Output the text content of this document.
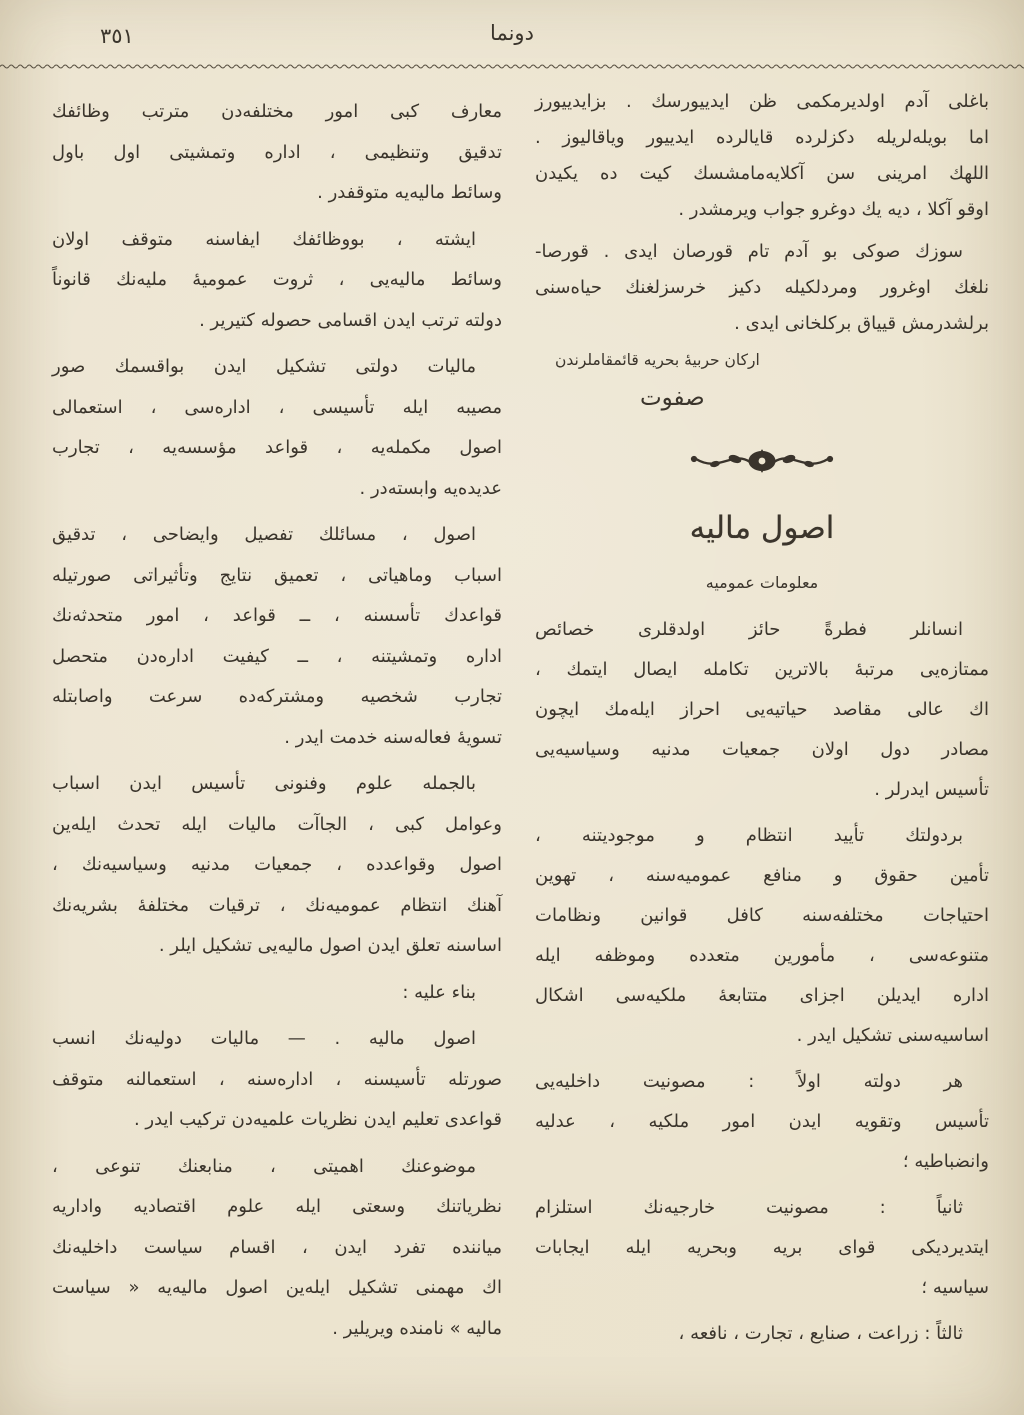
٣٥١	دونما
باغلى آدم اولديرمكمى ظن ايدييورسك . بزايدييورز
اما بويله‌لريله دكزلرده قايالرده ايدييور وياقاليوز .
اللهك امرينى سن آكلايه‌مامشسك كيت ده يكيدن
اوقو آكلا ، ديه يك دوغرو جواب ويرمشدر .
سوزك صوكى بو آدم تام قورصان ايدى . قورصا-
نلغك اوغرور ومردلكيله دكيز خرسزلغنك حياه‌سنى
برلشدرمش قيياق بركلخانى ايدى .
اركان حربيهٔ بحريه قائمقاملرندن
صفوت
اصول ماليه
معلومات عموميه
انسانلر فطرةً حائز اولدقلرى خصائص
ممتازه‌يى مرتبهٔ بالاترين تكامله ايصال ايتمك ،
اك عالى مقاصد حياتيه‌يى احراز ايله‌مك ايچون
مصادر دول اولان جمعيات مدنيه وسياسيه‌يى
تأسيس ايدرلر .
بردولتك تأييد انتظام و موجوديتنه ،
تأمين حقوق و منافع عموميه‌سنه ، تهوين
احتياجات مختلفه‌سنه كافل قوانين ونظامات
متنوعه‌سى ، مأمورين متعدده وموظفه ايله
اداره ايديلن اجزاى متتابعهٔ ملكيه‌سى اشكال
اساسيه‌سنى تشكيل ايدر .
هر دولته اولاً : مصونيت داخليه‌يى
تأسيس وتقويه ايدن امور ملكيه ، عدليه
وانضباطيه ؛
ثانياً : مصونيت خارجيه‌نك استلزام
ايتديرديكى قواى بريه وبحريه ايله ايجابات
سياسيه ؛
ثالثاً : زراعت ، صنايع ، تجارت ، نافعه ،
معارف كبى امور مختلفه‌دن مترتب وظائفك
تدقيق وتنظيمى ، اداره وتمشيتى اول باول
وسائط ماليه‌يه متوقفدر .
ايشته ، بووظائفك ايفاسنه متوقف اولان
وسائط ماليه‌يى ، ثروت عموميهٔ مليه‌نك قانوناً
دولته ترتب ايدن اقسامى حصوله كتيرير .
ماليات دولتى تشكيل ايدن بواقسمك صور
مصيبه ايله تأسيسى ، اداره‌سى ، استعمالى
اصول مكمله‌يه ، قواعد مؤسسه‌يه ، تجارب
عديده‌يه وابسته‌در .
اصول ، مسائلك تفصيل وايضاحى ، تدقيق
اسباب وماهياتى ، تعميق نتايج وتأثيراتى صورتيله
قواعدك تأسسنه ، ــ قواعد ، امور متحدثه‌نك
اداره وتمشيتنه ، ــ كيفيت اداره‌دن متحصل
تجارب شخصيه ومشتركه‌ده سرعت واصابتله
تسويهٔ فعاله‌سنه خدمت ايدر .
بالجمله علوم وفنونى تأسيس ايدن اسباب
وعوامل كبى ، الجاآت ماليات ايله تحدث ايله‌ين
اصول وقواعدده ، جمعيات مدنيه وسياسيه‌نك ،
آهنك انتظام عموميه‌نك ، ترقيات مختلفهٔ بشريه‌نك
اساسنه تعلق ايدن اصول ماليه‌يى تشكيل ايلر .
بناء عليه :
اصول ماليه . — ماليات دوليه‌نك انسب
صورتله تأسيسنه ، اداره‌سنه ، استعمالنه متوقف
قواعدى تعليم ايدن نظريات علميه‌دن تركيب ايدر .
موضوعنك اهميتى ، منابعنك تنوعى ،
نظرياتنك وسعتى ايله علوم اقتصاديه واداريه
مياننده تفرد ايدن ، اقسام سياست داخليه‌نك
اك مهمنى تشكيل ايله‌ين اصول ماليه‌يه « سياست
ماليه » نامنده ويريلير .
